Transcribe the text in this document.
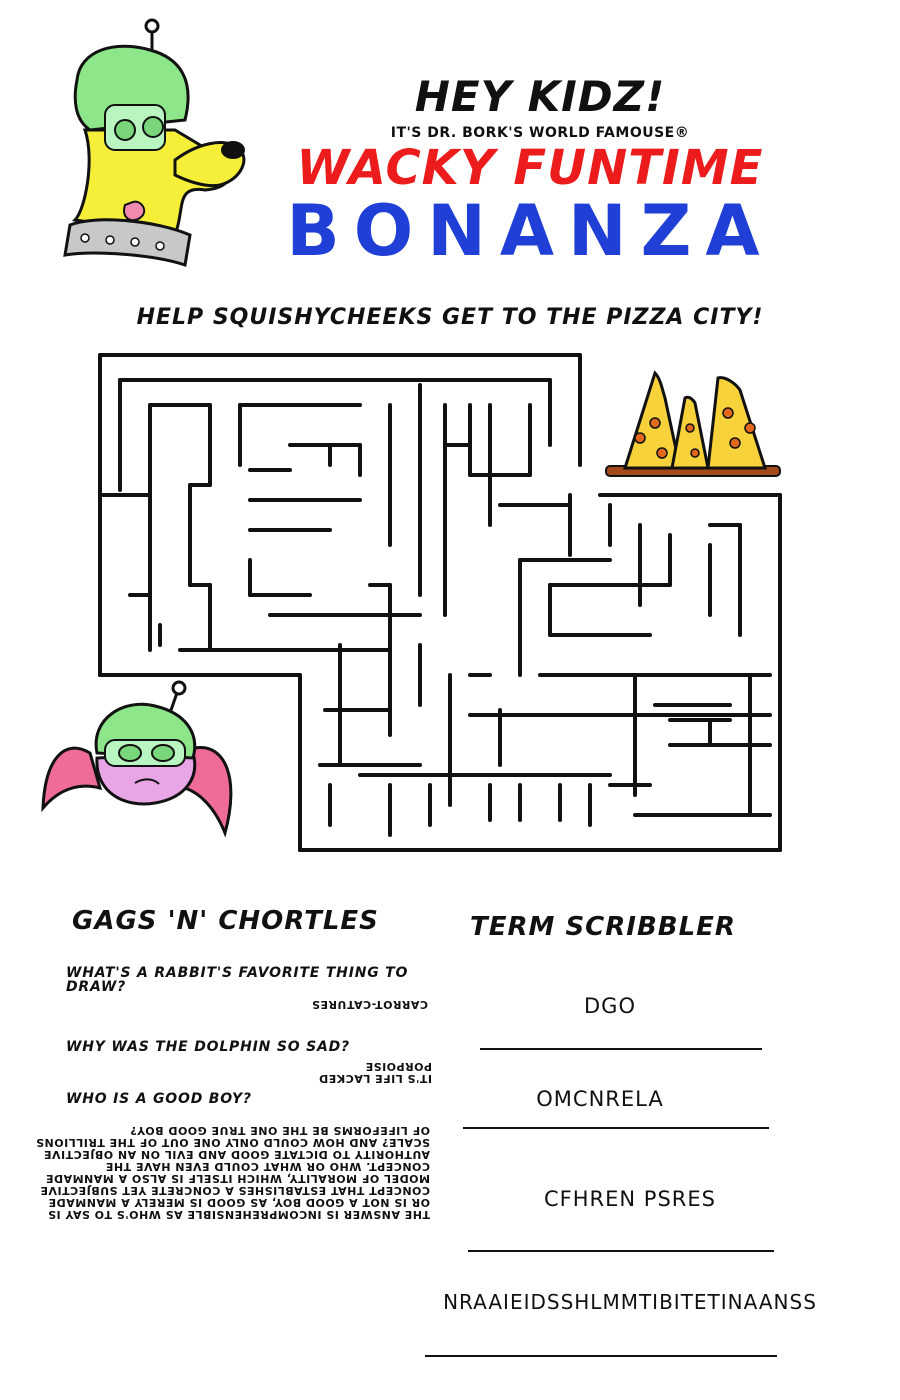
HEY KIDZ!
IT'S DR. BORK'S WORLD FAMOUSE®
WACKY FUNTIME
BONANZA
HELP SQUISHYCHEEKS GET TO THE PIZZA CITY!
GAGS 'N' CHORTLES
WHAT'S A RABBIT'S FAVORITE THING TO DRAW?
CARROT-CATURES
WHY WAS THE DOLPHIN SO SAD?
IT'S LIFE LACKED PORPOISE
WHO IS A GOOD BOY?
THE ANSWER IS INCOMPREHENSIBLE AS WHO'S TO SAY IS OR IS NOT A GOOD BOY, AS GOOD IS MERELY A MANMADE CONCEPT THAT ESTABLISHES A CONCRETE YET SUBJECTIVE MODEL OF MORALITY, WHICH ITSELF IS ALSO A MANMADE CONCEPT. WHO OR WHAT COULD EVEN HAVE THE AUTHORITY TO DICTATE GOOD AND EVIL ON AN OBJECTIVE SCALE? AND HOW COULD ONLY ONE OUT OF THE TRILLIONS OF LIFEFORMS BE THE ONE TRUE GOOD BOY?
TERM SCRIBBLER
DGO
OMCNRELA
CFHREN PSRES
NRAAIEIDSSHLMMTIBITETINAANSS
